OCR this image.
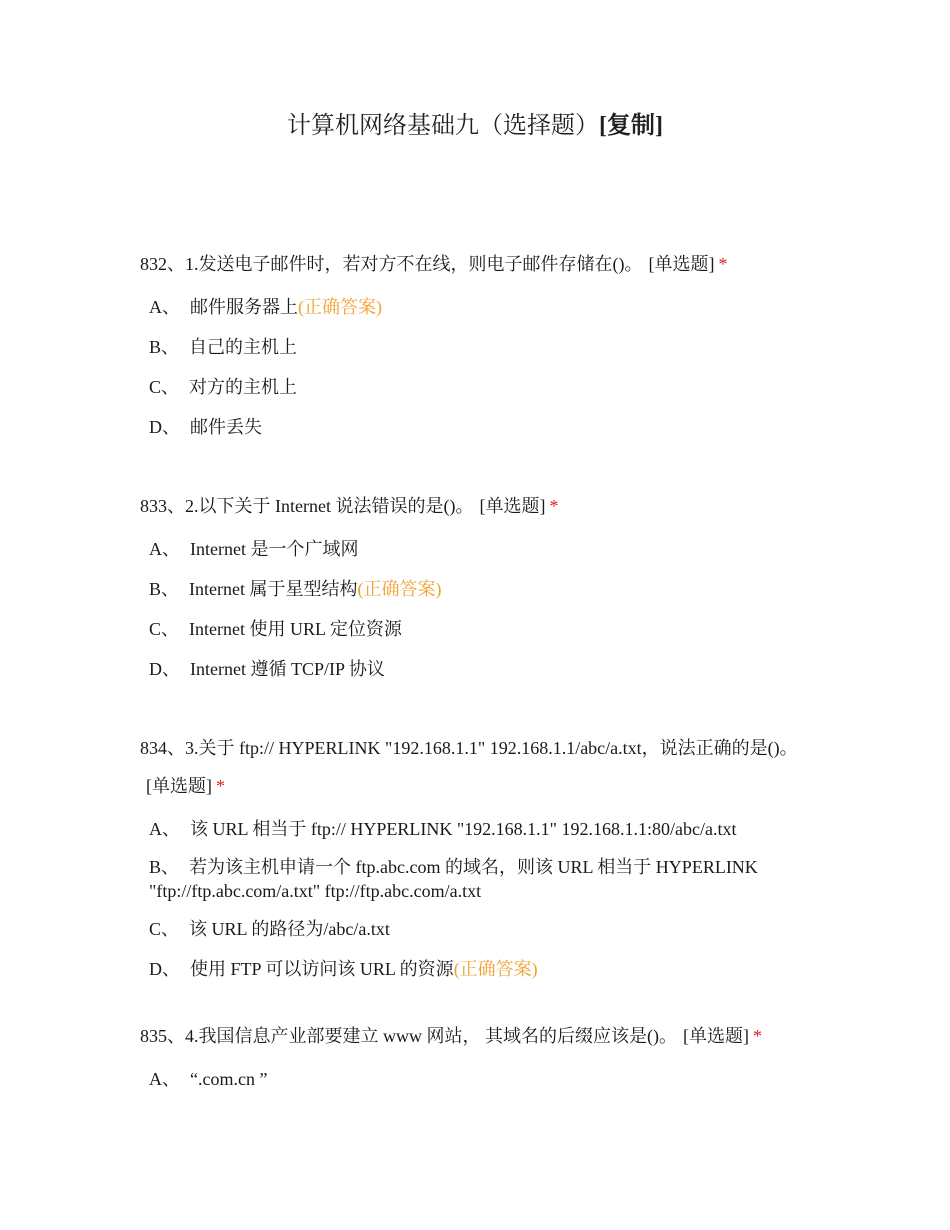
计算机网络基础九（选择题）[复制]
832、1.发送电子邮件时，若对方不在线，则电子邮件存储在()。 [单选题] *
A、 邮件服务器上(正确答案)
B、 自己的主机上
C、 对方的主机上
D、 邮件丢失
833、2.以下关于 Internet 说法错误的是()。 [单选题] *
A、 Internet 是一个广域网
B、 Internet 属于星型结构(正确答案)
C、 Internet 使用 URL 定位资源
D、 Internet 遵循 TCP/IP 协议
834、3.关于 ftp:// HYPERLINK "192.168.1.1" 192.168.1.1/abc/a.txt，说法正确的是()。[单选题] *
A、 该 URL 相当于 ftp:// HYPERLINK "192.168.1.1" 192.168.1.1:80/abc/a.txt
B、 若为该主机申请一个 ftp.abc.com 的域名，则该 URL 相当于 HYPERLINK "ftp://ftp.abc.com/a.txt" ftp://ftp.abc.com/a.txt
C、 该 URL 的路径为/abc/a.txt
D、 使用 FTP 可以访问该 URL 的资源(正确答案)
835、4.我国信息产业部要建立 www 网站， 其域名的后缀应该是()。 [单选题] *
A、 “.com.cn ”
